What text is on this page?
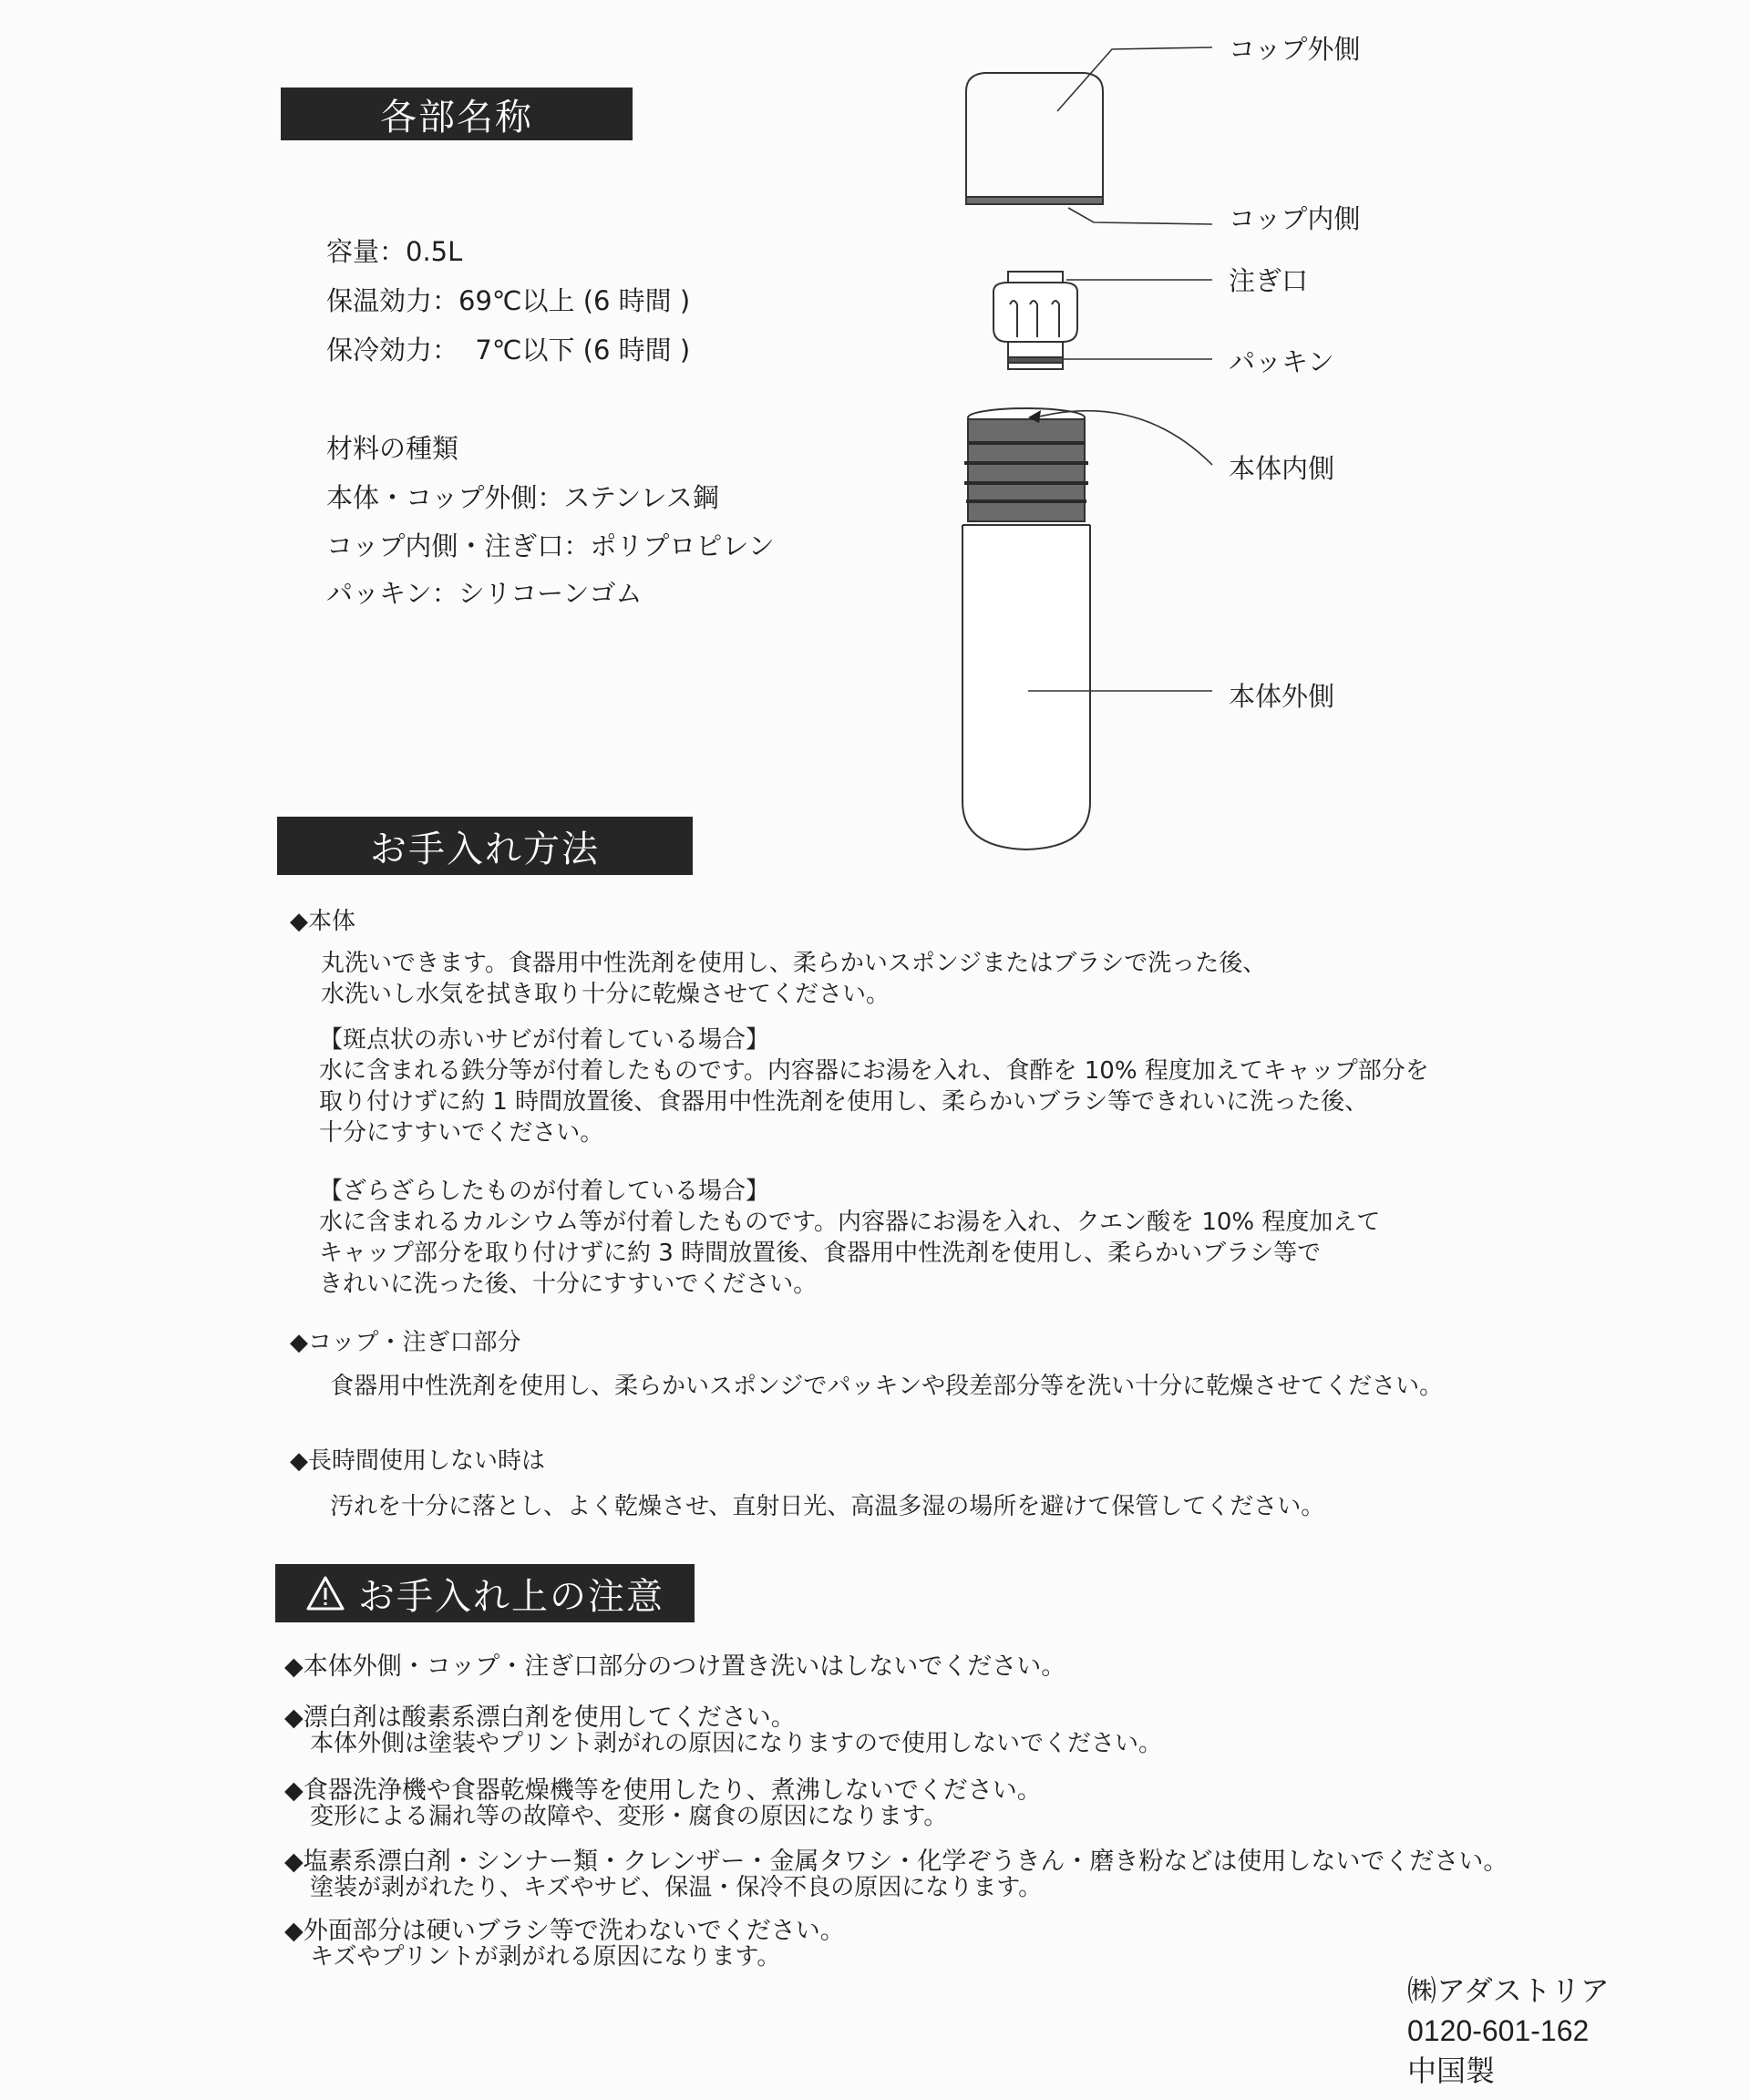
各部名称
容量：0.5L
保温効力：69℃以上 (6 時間 )
保冷効力：  7℃以下 (6 時間 )
材料の種類
本体・コップ外側：ステンレス鋼
コップ内側・注ぎ口：ポリプロピレン
パッキン：シリコーンゴム
コップ外側
コップ内側
注ぎ口
パッキン
本体内側
本体外側
お手入れ方法
◆本体
丸洗いできます。食器用中性洗剤を使用し、柔らかいスポンジまたはブラシで洗った後、
水洗いし水気を拭き取り十分に乾燥させてください。
【斑点状の赤いサビが付着している場合】
水に含まれる鉄分等が付着したものです。内容器にお湯を入れ、食酢を 10% 程度加えてキャップ部分を
取り付けずに約 1 時間放置後、食器用中性洗剤を使用し、柔らかいブラシ等できれいに洗った後、
十分にすすいでください。
【ざらざらしたものが付着している場合】
水に含まれるカルシウム等が付着したものです。内容器にお湯を入れ、クエン酸を 10% 程度加えて
キャップ部分を取り付けずに約 3 時間放置後、食器用中性洗剤を使用し、柔らかいブラシ等で
きれいに洗った後、十分にすすいでください。
◆コップ・注ぎ口部分
食器用中性洗剤を使用し、柔らかいスポンジでパッキンや段差部分等を洗い十分に乾燥させてください。
◆長時間使用しない時は
汚れを十分に落とし、よく乾燥させ、直射日光、高温多湿の場所を避けて保管してください。
お手入れ上の注意
◆本体外側・コップ・注ぎ口部分のつけ置き洗いはしないでください。
◆漂白剤は酸素系漂白剤を使用してください。
本体外側は塗装やプリント剥がれの原因になりますので使用しないでください。
◆食器洗浄機や食器乾燥機等を使用したり、煮沸しないでください。
変形による漏れ等の故障や、変形・腐食の原因になります。
◆塩素系漂白剤・シンナー類・クレンザー・金属タワシ・化学ぞうきん・磨き粉などは使用しないでください。
塗装が剥がれたり、キズやサビ、保温・保冷不良の原因になります。
◆外面部分は硬いブラシ等で洗わないでください。
キズやプリントが剥がれる原因になります。
㈱アダストリア
0120-601-162
中国製
